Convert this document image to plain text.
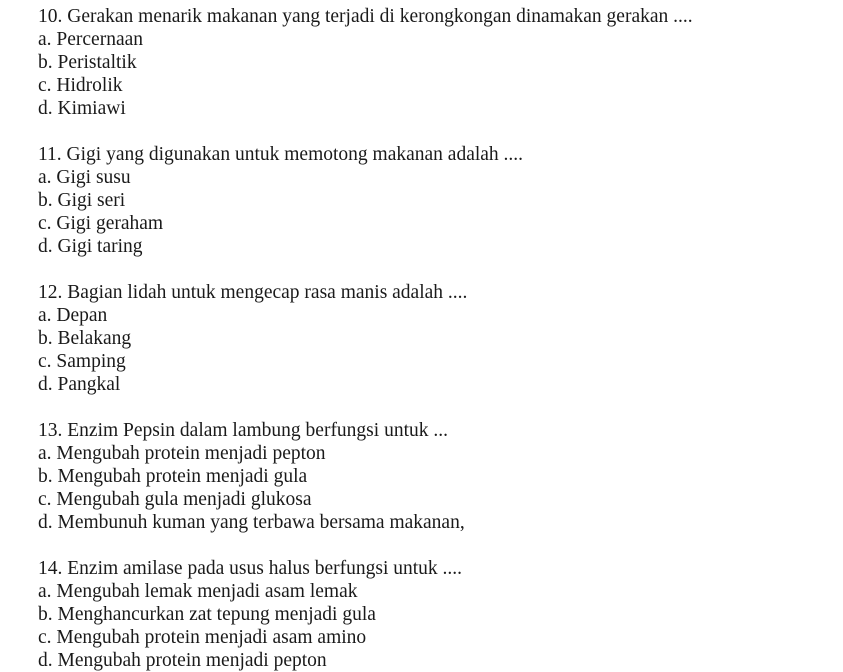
10. Gerakan menarik makanan yang terjadi di kerongkongan dinamakan gerakan ....

a. Percernaan
b. Peristaltik
c. Hidrolik
d. Kimiawi

11. Gigi yang digunakan untuk memotong makanan adalah ....

a. Gigi susu
b. Gigi seri
c. Gigi geraham
d. Gigi taring

12. Bagian lidah untuk mengecap rasa manis adalah ....

a. Depan
b. Belakang
c. Samping
d. Pangkal

13. Enzim Pepsin dalam lambung berfungsi untuk ...

a. Mengubah protein menjadi pepton
b. Mengubah protein menjadi gula
c. Mengubah gula menjadi glukosa
d. Membunuh kuman yang terbawa bersama makanan,

14. Enzim amilase pada usus halus berfungsi untuk ....

a. Mengubah lemak menjadi asam lemak
b. Menghancurkan zat tepung menjadi gula
c. Mengubah protein menjadi asam amino
d. Mengubah protein menjadi pepton
